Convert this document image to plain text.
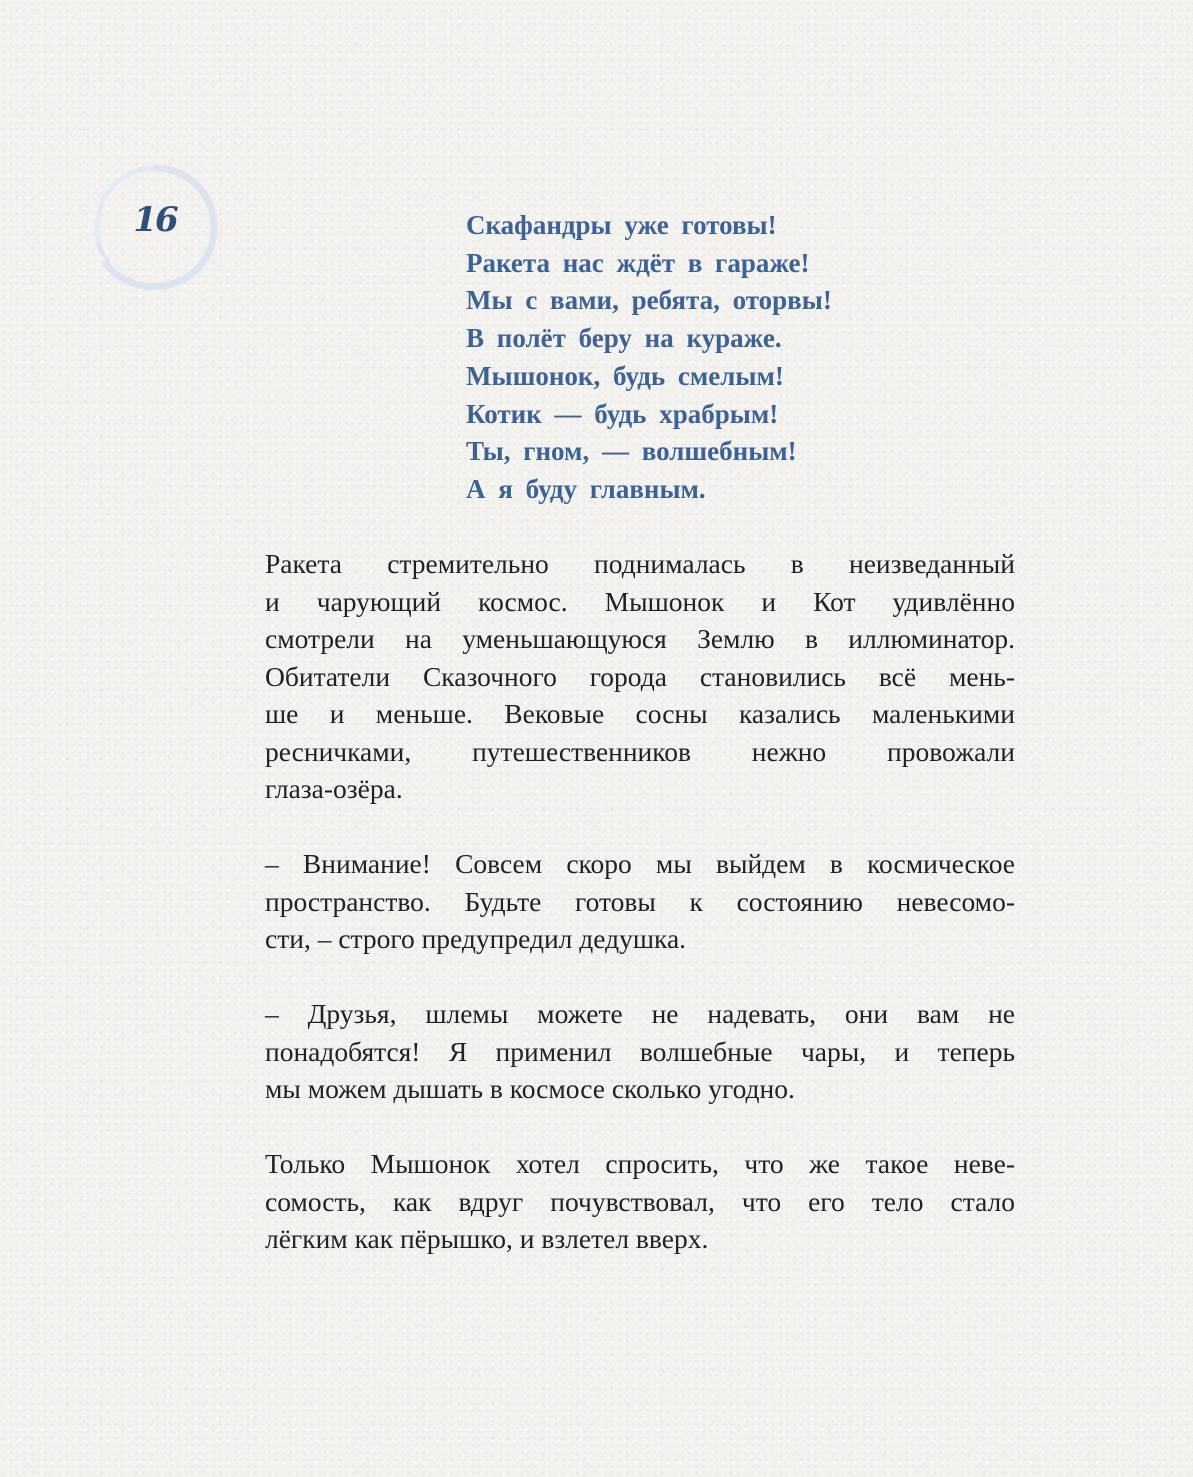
16	Скафандры уже готовы!
Ракета нас ждёт в гараже!
Мы с вами, ребята, оторвы!
В полёт беру на кураже.
Мышонок, будь смелым!
Котик — будь храбрым!
Ты, гном, — волшебным!
А я буду главным.
Ракета стремительно поднималась в неизведанный
и чарующий космос. Мышонок и Кот удивлённо
смотрели на уменьшающуюся Землю в иллюминатор.
Обитатели Сказочного города становились всё мень-
ше и меньше. Вековые сосны казались маленькими
ресничками, путешественников нежно провожали
глаза-озёра.
– Внимание! Совсем скоро мы выйдем в космическое
пространство. Будьте готовы к состоянию невесомо-
сти, – строго предупредил дедушка.
– Друзья, шлемы можете не надевать, они вам не
понадобятся! Я применил волшебные чары, и теперь
мы можем дышать в космосе сколько угодно.
Только Мышонок хотел спросить, что же такое неве-
сомость, как вдруг почувствовал, что его тело стало
лёгким как пёрышко, и взлетел вверх.
